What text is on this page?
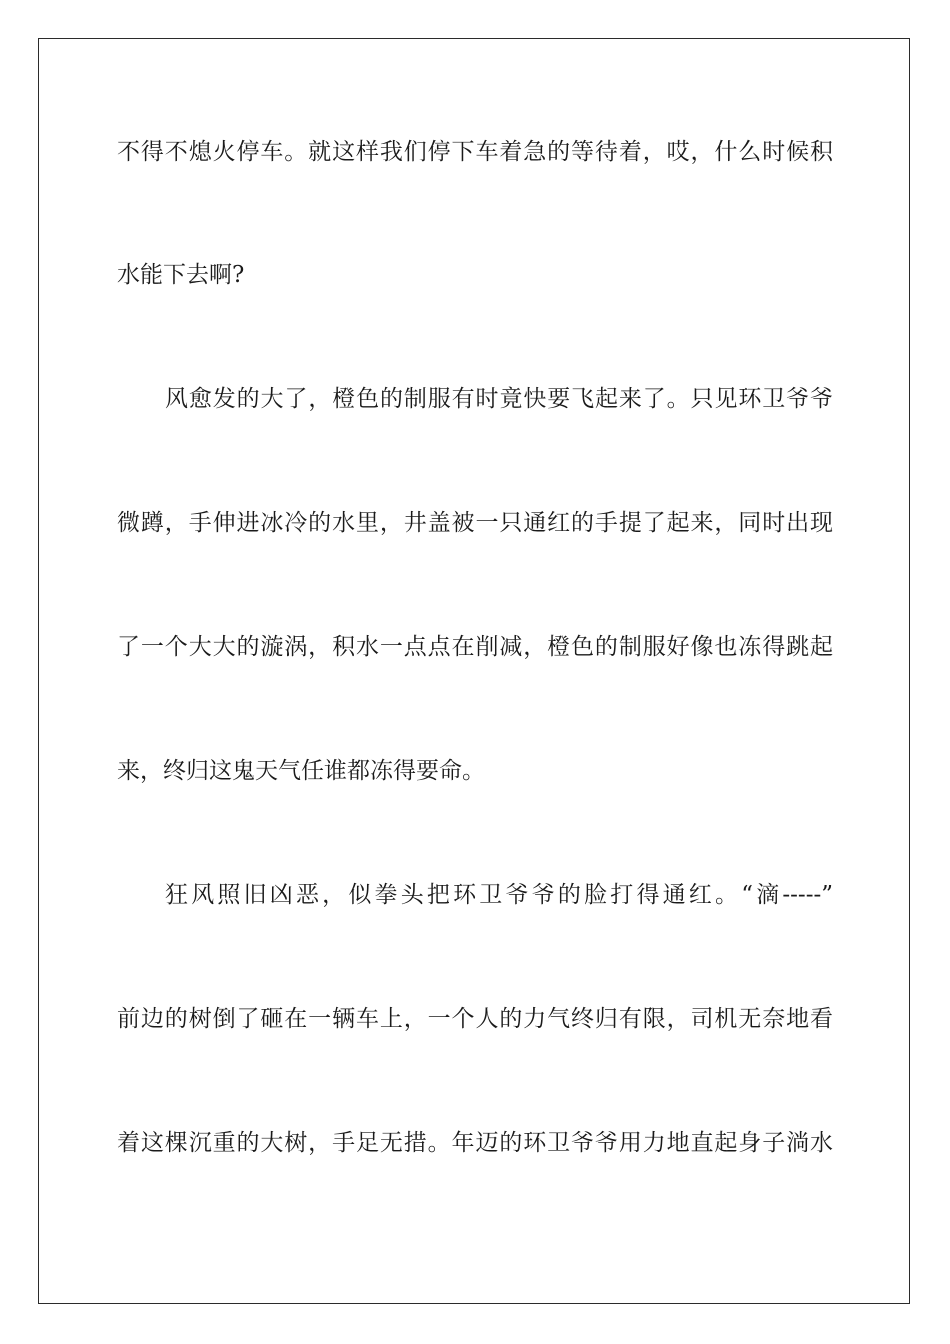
不得不熄火停车。就这样我们停下车着急的等待着，哎，什么时候积
水能下去啊?
风愈发的大了，橙色的制服有时竟快要飞起来了。只见环卫爷爷
微蹲，手伸进冰冷的水里，井盖被一只通红的手提了起来，同时出现
了一个大大的漩涡，积水一点点在削减，橙色的制服好像也冻得跳起
来，终归这鬼天气任谁都冻得要命。
狂风照旧凶恶，似拳头把环卫爷爷的脸打得通红。“滴-----”
前边的树倒了砸在一辆车上，一个人的力气终归有限，司机无奈地看
着这棵沉重的大树，手足无措。年迈的环卫爷爷用力地直起身子淌水
